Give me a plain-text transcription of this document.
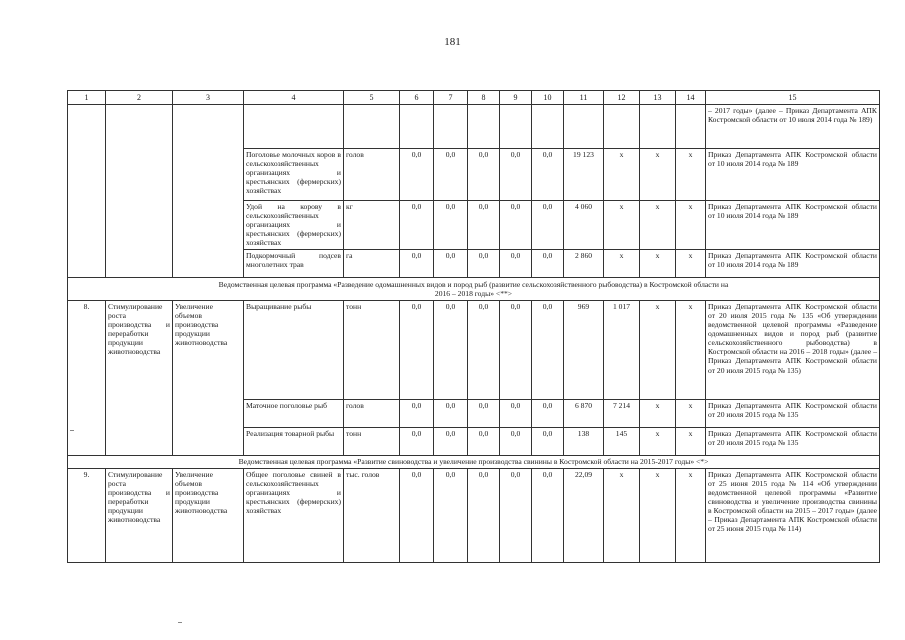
181
1	2	3	4	5	6	7	8	9	10	11	12	13	14	15
														– 2017 годы» (далее – Приказ Департамента АПК Костромской области от 10 июля 2014 года № 189)
			Поголовье молочных коров в сельскохозяйственных организациях и крестьянских (фермерских) хозяйствах	голов	0,0	0,0	0,0	0,0	0,0	19 123	х	х	х	Приказ Департамента АПК Костромской области от 10 июля 2014 года № 189
			Удой на корову в сельскохозяйственных организациях и крестьянских (фермерских) хозяйствах	кг	0,0	0,0	0,0	0,0	0,0	4 060	х	х	х	Приказ Департамента АПК Костромской области от 10 июля 2014 года № 189
			Подкормочный подсев многолетних трав	га	0,0	0,0	0,0	0,0	0,0	2 860	х	х	х	Приказ Департамента АПК Костромской области от 10 июля 2014 года № 189
Ведомственная целевая программа «Разведение одомашненных видов и пород рыб (развитие сельскохозяйственного рыбоводства) в Костромской области на 2016 – 2018 годы» <**>														
8.	Стимулирование роста производства и переработки продукции животноводства	Увеличение объемов производства продукции животноводства	Выращивание рыбы	тонн	0,0	0,0	0,0	0,0	0,0	969	1 017	х	х	Приказ Департамента АПК Костромской области от 20 июля 2015 года № 135 «Об утверждении ведомственной целевой программы «Разведение одомашненных видов и пород рыб (развитие сельскохозяйственного рыбоводства) в Костромской области на 2016 – 2018 годы» (далее – Приказ Департамента АПК Костромской области от 20 июля 2015 года № 135)
			Маточное поголовье рыб	голов	0,0	0,0	0,0	0,0	0,0	6 870	7 214	х	х	Приказ Департамента АПК Костромской области от 20 июля 2015 года № 135
			Реализация товарной рыбы	тонн	0,0	0,0	0,0	0,0	0,0	138	145	х	х	Приказ Департамента АПК Костромской области от 20 июля 2015 года № 135
Ведомственная целевая программа «Развитие свиноводства и увеличение производства свинины в Костромской области на 2015-2017 годы» <*>														
9.	Стимулирование роста производства и переработки продукции животноводства	Увеличение объемов производства продукции животноводства	Общее поголовье свиней в сельскохозяйственных организациях и крестьянских (фермерских) хозяйствах	тыс. голов	0,0	0,0	0,0	0,0	0,0	22,09	х	х	х	Приказ Департамента АПК Костромской области от 25 июня 2015 года № 114 «Об утверждении ведомственной целевой программы «Развитие свиноводства и увеличение производства свинины в Костромской области на 2015 – 2017 годы» (далее – Приказ Департамента АПК Костромской области от 25 июня 2015 года № 114)
